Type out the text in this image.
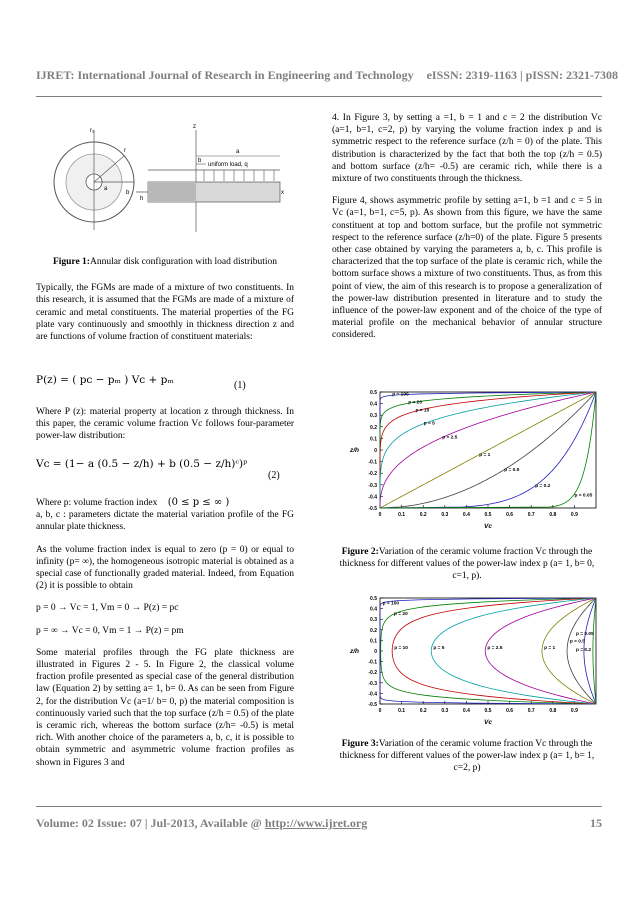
IJRET: International Journal of Research in Engineering and Technology eISSN: 2319-1163 | pISSN: 2321-7308
r₁
r
a
b
z
x
uniform load, q
a
b
h
Figure 1:Annular disk configuration with load distribution

Typically, the FGMs are made of a mixture of two constituents. In this research, it is assumed that the FGMs are made of a mixture of ceramic and metal constituents. The material properties of the FG plate vary continuously and smoothly in thickness direction z and are functions of volume fraction of constituent materials:

P(z) = ( pᴄ − pₘ ) Vᴄ + pₘ	(1)

Where P (z): material property at location z through thickness. In this paper, the ceramic volume fraction Vc follows four-parameter power-law distribution:

Vᴄ = (1− a (0.5 − z/h) + b (0.5 − z/h)ᶜ)ᵖ
(2)

Where p: volume fraction index (0 ≤ p ≤ ∞ )

a, b, c : parameters dictate the material variation profile of the FG annular plate thickness.

As the volume fraction index is equal to zero (p = 0) or equal to infinity (p= ∞), the homogeneous isotropic material is obtained as a special case of functionally graded material. Indeed, from Equation (2) it is possible to obtain

p = 0 → Vc = 1, Vm = 0 → P(z) = pc

p = ∞ → Vc = 0, Vm = 1 → P(z) = pm

Some material profiles through the FG plate thickness are illustrated in Figures 2 - 5. In Figure 2, the classical volume fraction profile presented as special case of the general distribution law (Equation 2) by setting a= 1, b= 0. As can be seen from Figure 2, for the distribution Vc (a=1/ b= 0, p) the material composition is continuously varied such that the top surface (z/h = 0.5) of the plate is ceramic rich, whereas the bottom surface (z/h= -0.5) is metal rich. With another choice of the parameters a, b, c, it is possible to obtain symmetric and asymmetric volume fraction profiles as shown in Figures 3 and

4. In Figure 3, by setting a =1, b = 1 and c = 2 the distribution Vc (a=1, b=1, c=2, p) by varying the volume fraction index p and is symmetric respect to the reference surface (z/h = 0) of the plate. This distribution is characterized by the fact that both the top (z/h = 0.5) and bottom surface (z/h= -0.5) are ceramic rich, while there is a mixture of two constituents through the thickness.

Figure 4, shows asymmetric profile by setting a=1, b =1 and c = 5 in Vc (a=1, b=1, c=5, p). As shown from this figure, we have the same constituent at top and bottom surface, but the profile not symmetric respect to the reference surface (z/h=0) of the plate. Figure 5 presents other case obtained by varying the parameters a, b, c. This profile is characterized that the top surface of the plate is ceramic rich, while the bottom surface shows a mixture of two constituents. Thus, as from this point of view, the aim of this research is to propose a generalization of the power-law distribution presented in literature and to study the influence of the power-law exponent and of the choice of the type of material profile on the mechanical behavior of annular structure considered.

0.5
0.4
0.3
0.2
0.1
0
-0.1
-0.2
-0.3
-0.4
-0.5
0	0.1	0.2	0.3	0.4	0.5	0.6	0.7	0.8	0.9
Vc
z/h
p = 100
p = 20
p = 10
p = 5
p = 2.5
p = 1
p = 0.5
p = 0.2
p = 0.05
Figure 2:Variation of the ceramic volume fraction Vc through the thickness for different values of the power-law index p (a= 1, b= 0, c=1, p).
0.5
0.4
0.3
0.2
0.1
0
-0.1
-0.2
-0.3
-0.4
-0.5
0	0.1	0.2	0.3	0.4	0.5	0.6	0.7	0.8	0.9
Vc
z/h
p = 100
p = 20
p = 10	p = 5	p = 2.5	p = 1
p = 0.5
p = 0.2
p = 0.05
Figure 3:Variation of the ceramic volume fraction Vc through the thickness for different values of the power-law index p (a= 1, b= 1, c=2, p)
Volume: 02 Issue: 07 | Jul-2013, Available @ http://www.ijret.org	15
